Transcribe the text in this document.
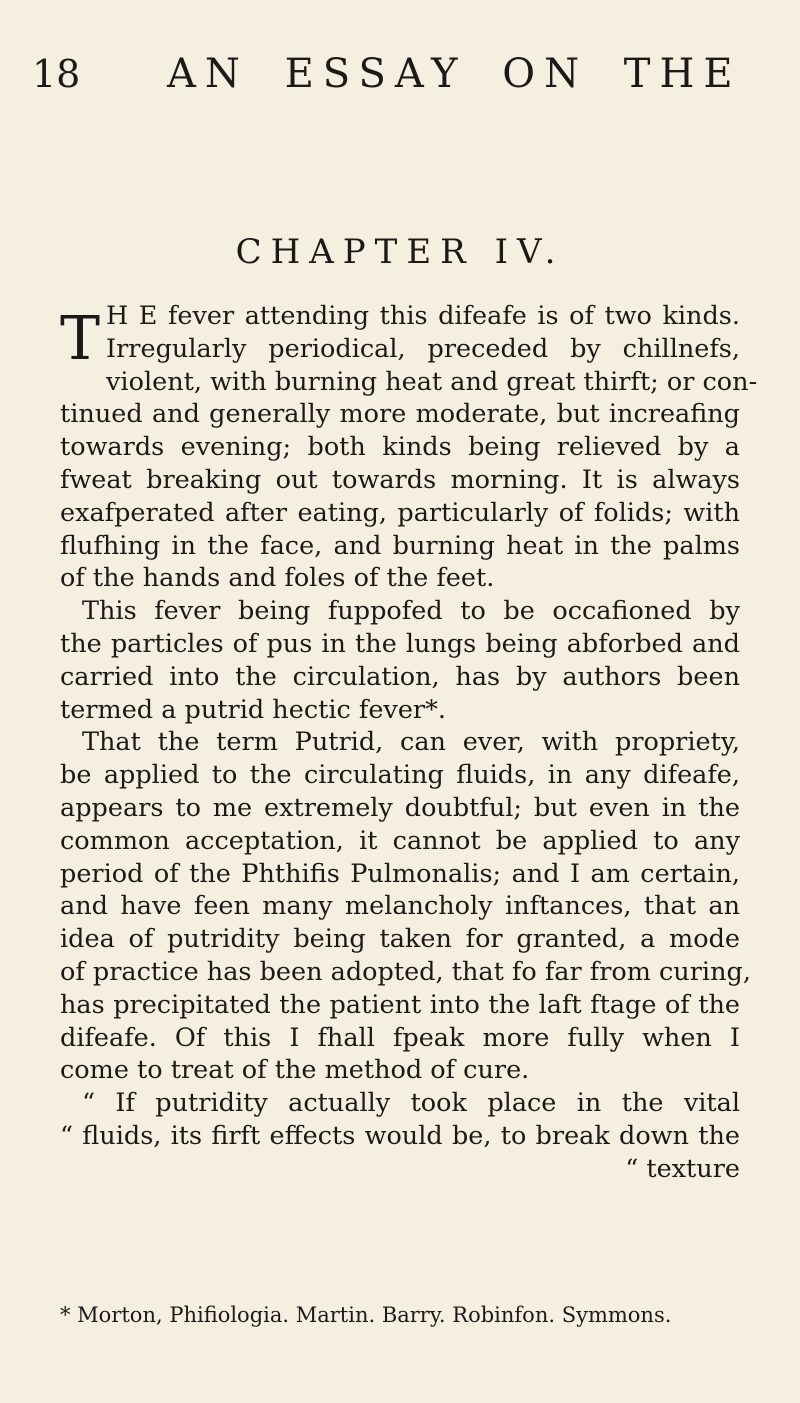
18 AN ESSAY ON THE
CHAPTER IV.
T H E fever attending this difeafe is of two kinds.
Irregularly periodical, preceded by chillnefs,
violent, with burning heat and great thirft; or con-
tinued and generally more moderate, but increafing
towards evening; both kinds being relieved by a
fweat breaking out towards morning. It is always
exafperated after eating, particularly of folids; with
flufhing in the face, and burning heat in the palms
of the hands and foles of the feet.
This fever being fuppofed to be occafioned by
the particles of pus in the lungs being abforbed and
carried into the circulation, has by authors been
termed a putrid hectic fever*.
That the term Putrid, can ever, with propriety,
be applied to the circulating fluids, in any difeafe,
appears to me extremely doubtful; but even in the
common acceptation, it cannot be applied to any
period of the Phthifis Pulmonalis; and I am certain,
and have feen many melancholy inftances, that an
idea of putridity being taken for granted, a mode
of practice has been adopted, that fo far from curing,
has precipitated the patient into the laft ftage of the
difeafe. Of this I fhall fpeak more fully when I
come to treat of the method of cure.
“ If putridity actually took place in the vital
“ fluids, its firft effects would be, to break down the
“ texture
* Morton, Phifiologia. Martin. Barry. Robinfon. Symmons.
